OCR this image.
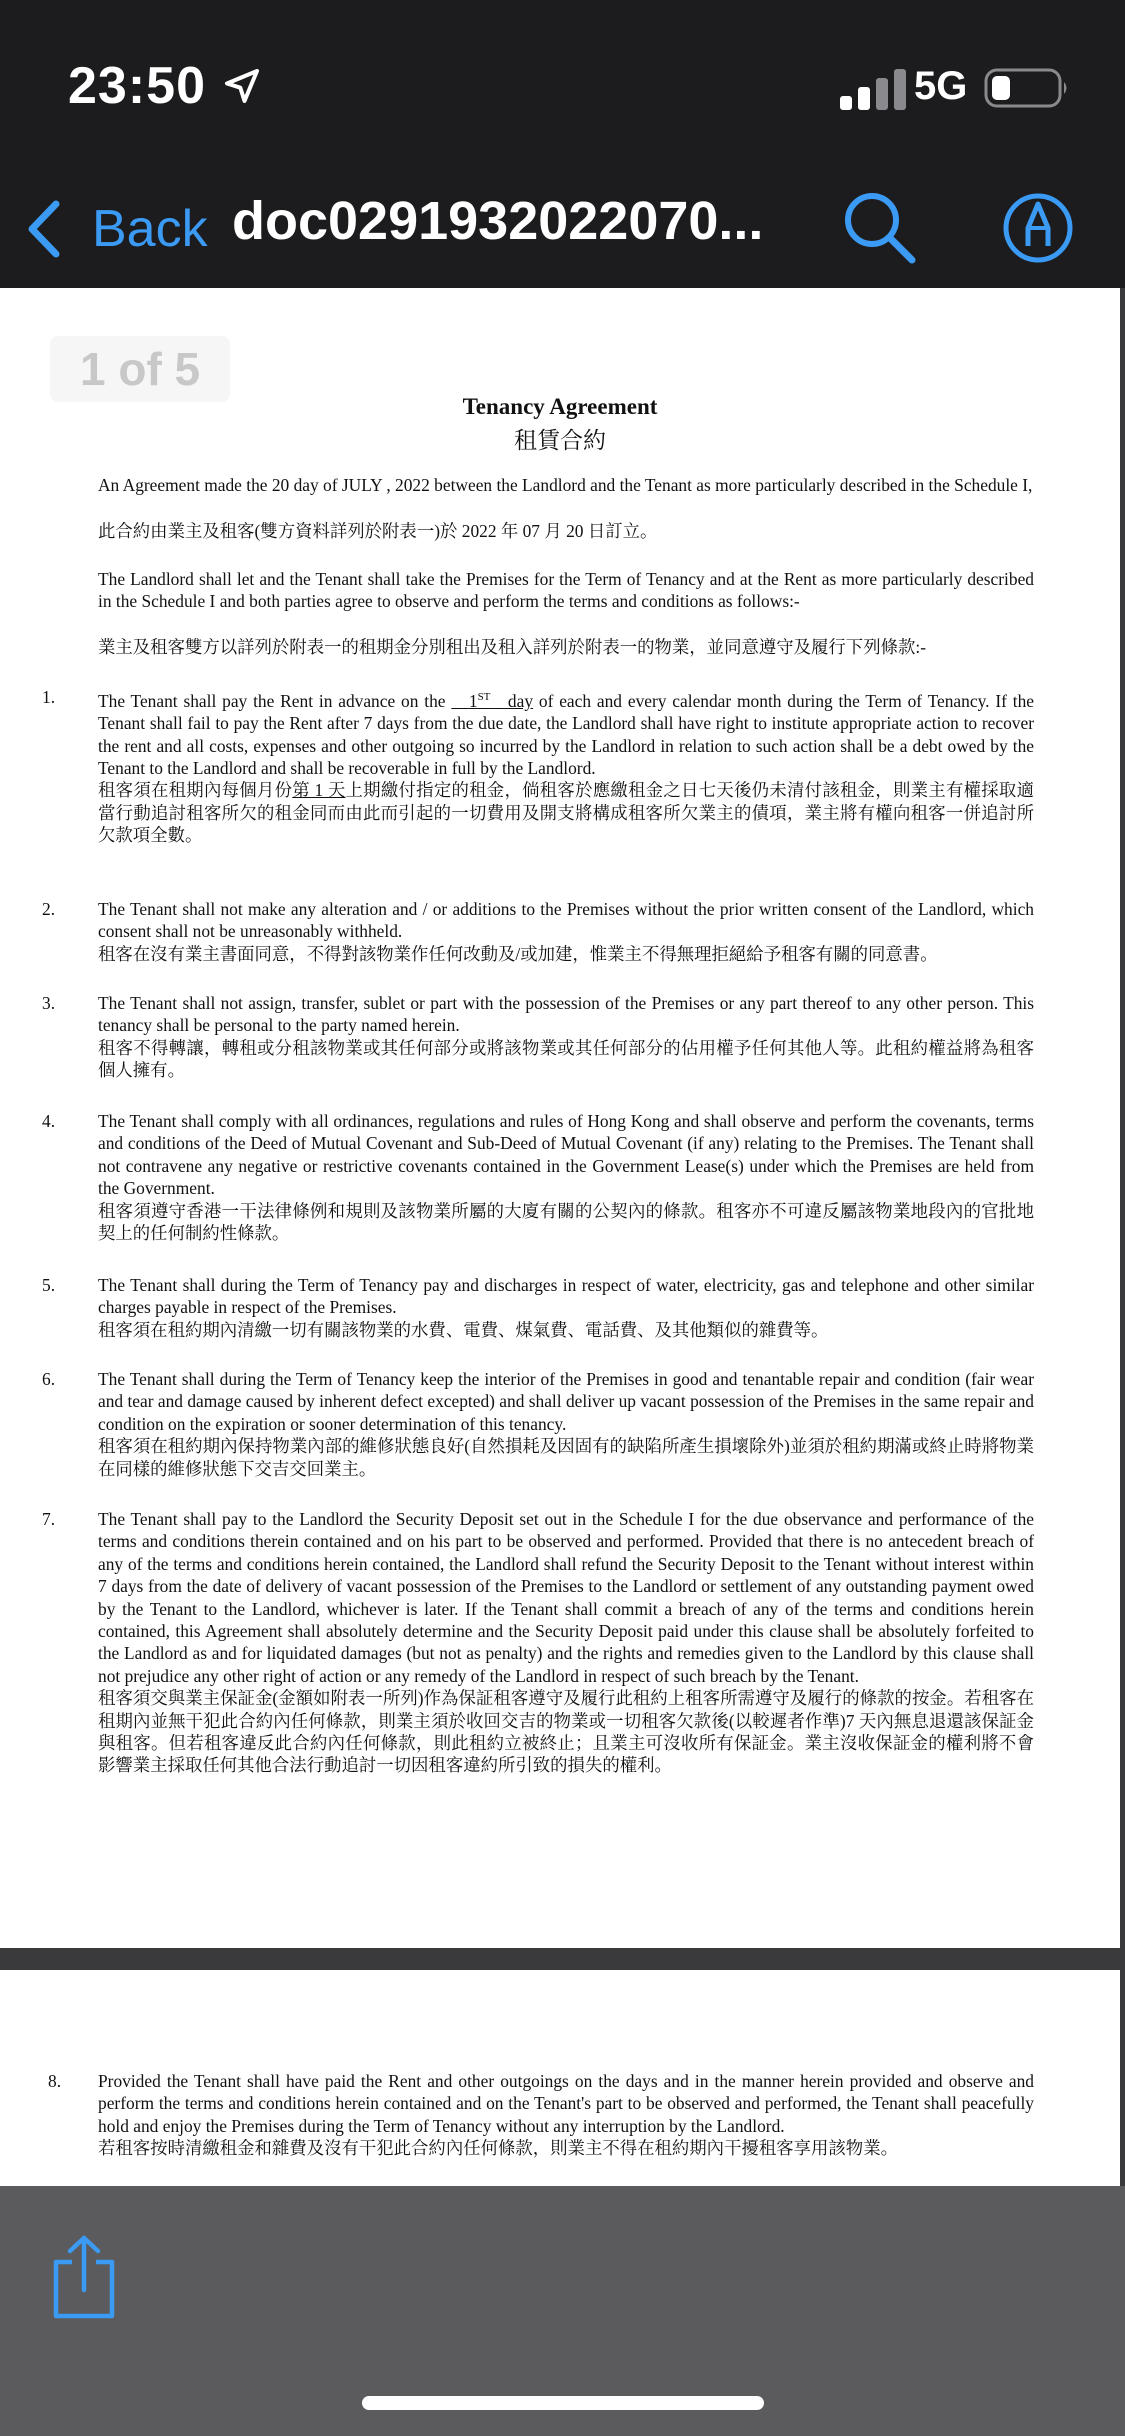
23:50	5G
Back doc0291932022070...
1 of 5
Tenancy Agreement
租賃合約

An Agreement made the 20 day of JULY , 2022 between the Landlord and the Tenant as more particularly described in the Schedule I,

此合約由業主及租客(雙方資料詳列於附表一)於 2022 年 07 月 20 日訂立。

The Landlord shall let and the Tenant shall take the Premises for the Term of Tenancy and at the Rent as more particularly described in the Schedule I and both parties agree to observe and perform the terms and conditions as follows:-

業主及租客雙方以詳列於附表一的租期金分別租出及租入詳列於附表一的物業，並同意遵守及履行下列條款:-

1. The Tenant shall pay the Rent in advance on the 1ST day of each and every calendar month during the Term of Tenancy. If the Tenant shall fail to pay the Rent after 7 days from the due date, the Landlord shall have right to institute appropriate action to recover the rent and all costs, expenses and other outgoing so incurred by the Landlord in relation to such action shall be a debt owed by the Tenant to the Landlord and shall be recoverable in full by the Landlord.

租客須在租期內每個月份第 1 天上期繳付指定的租金，倘租客於應繳租金之日七天後仍未清付該租金，則業主有權採取適當行動追討租客所欠的租金同而由此而引起的一切費用及開支將構成租客所欠業主的債項，業主將有權向租客一併追討所欠款項全數。

2. The Tenant shall not make any alteration and / or additions to the Premises without the prior written consent of the Landlord, which consent shall not be unreasonably withheld.

租客在沒有業主書面同意，不得對該物業作任何改動及/或加建，惟業主不得無理拒絕給予租客有關的同意書。

3. The Tenant shall not assign, transfer, sublet or part with the possession of the Premises or any part thereof to any other person. This tenancy shall be personal to the party named herein.

租客不得轉讓，轉租或分租該物業或其任何部分或將該物業或其任何部分的佔用權予任何其他人等。此租約權益將為租客個人擁有。

4. The Tenant shall comply with all ordinances, regulations and rules of Hong Kong and shall observe and perform the covenants, terms and conditions of the Deed of Mutual Covenant and Sub-Deed of Mutual Covenant (if any) relating to the Premises. The Tenant shall not contravene any negative or restrictive covenants contained in the Government Lease(s) under which the Premises are held from the Government.

租客須遵守香港一干法律條例和規則及該物業所屬的大廈有關的公契內的條款。租客亦不可違反屬該物業地段內的官批地契上的任何制約性條款。

5. The Tenant shall during the Term of Tenancy pay and discharges in respect of water, electricity, gas and telephone and other similar charges payable in respect of the Premises.

租客須在租約期內清繳一切有關該物業的水費、電費、煤氣費、電話費、及其他類似的雜費等。

6. The Tenant shall during the Term of Tenancy keep the interior of the Premises in good and tenantable repair and condition (fair wear and tear and damage caused by inherent defect excepted) and shall deliver up vacant possession of the Premises in the same repair and condition on the expiration or sooner determination of this tenancy.

租客須在租約期內保持物業內部的維修狀態良好(自然損耗及因固有的缺陷所產生損壞除外)並須於租約期滿或終止時將物業在同樣的維修狀態下交吉交回業主。

7. The Tenant shall pay to the Landlord the Security Deposit set out in the Schedule I for the due observance and performance of the terms and conditions therein contained and on his part to be observed and performed. Provided that there is no antecedent breach of any of the terms and conditions herein contained, the Landlord shall refund the Security Deposit to the Tenant without interest within 7 days from the date of delivery of vacant possession of the Premises to the Landlord or settlement of any outstanding payment owed by the Tenant to the Landlord, whichever is later. If the Tenant shall commit a breach of any of the terms and conditions herein contained, this Agreement shall absolutely determine and the Security Deposit paid under this clause shall be absolutely forfeited to the Landlord as and for liquidated damages (but not as penalty) and the rights and remedies given to the Landlord by this clause shall not prejudice any other right of action or any remedy of the Landlord in respect of such breach by the Tenant.

租客須交與業主保証金(金額如附表一所列)作為保証租客遵守及履行此租約上租客所需遵守及履行的條款的按金。若租客在租期內並無干犯此合約內任何條款，則業主須於收回交吉的物業或一切租客欠款後(以較遲者作準)7 天內無息退還該保証金與租客。但若租客違反此合約內任何條款，則此租約立被終止；且業主可沒收所有保証金。業主沒收保証金的權利將不會影響業主採取任何其他合法行動追討一切因租客違約所引致的損失的權利。

8. Provided the Tenant shall have paid the Rent and other outgoings on the days and in the manner herein provided and observe and perform the terms and conditions herein contained and on the Tenant's part to be observed and performed, the Tenant shall peacefully hold and enjoy the Premises during the Term of Tenancy without any interruption by the Landlord.

若租客按時清繳租金和雜費及沒有干犯此合約內任何條款，則業主不得在租約期內干擾租客享用該物業。
